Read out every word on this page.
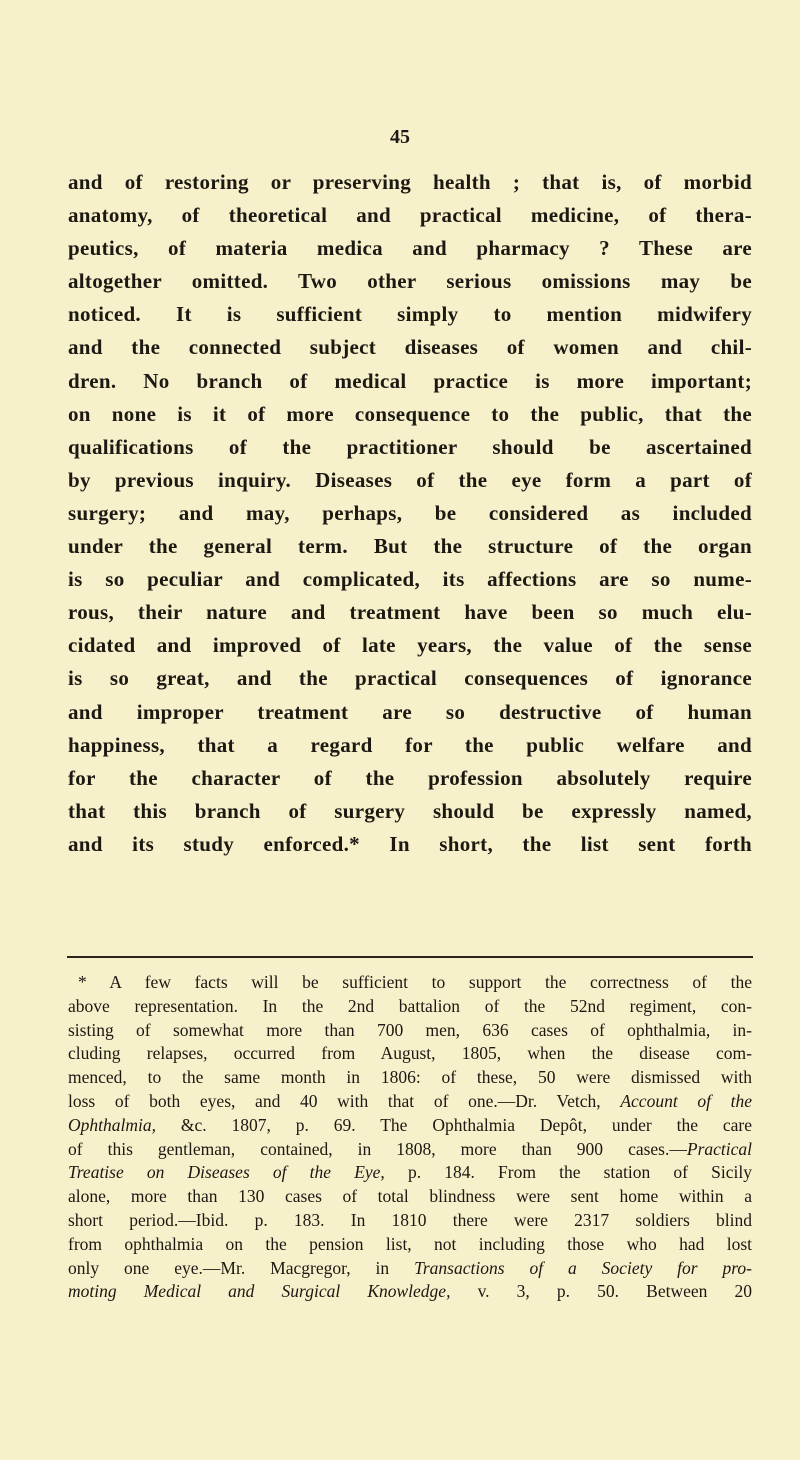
45
and of restoring or preserving health ; that is, of morbid
anatomy, of theoretical and practical medicine, of thera-
peutics, of materia medica and pharmacy ? These are
altogether omitted. Two other serious omissions may be
noticed. It is sufficient simply to mention midwifery
and the connected subject diseases of women and chil-
dren. No branch of medical practice is more important;
on none is it of more consequence to the public, that the
qualifications of the practitioner should be ascertained
by previous inquiry. Diseases of the eye form a part of
surgery; and may, perhaps, be considered as included
under the general term. But the structure of the organ
is so peculiar and complicated, its affections are so nume-
rous, their nature and treatment have been so much elu-
cidated and improved of late years, the value of the sense
is so great, and the practical consequences of ignorance
and improper treatment are so destructive of human
happiness, that a regard for the public welfare and
for the character of the profession absolutely require
that this branch of surgery should be expressly named,
and its study enforced.* In short, the list sent forth
* A few facts will be sufficient to support the correctness of the
above representation. In the 2nd battalion of the 52nd regiment, con-
sisting of somewhat more than 700 men, 636 cases of ophthalmia, in-
cluding relapses, occurred from August, 1805, when the disease com-
menced, to the same month in 1806: of these, 50 were dismissed with
loss of both eyes, and 40 with that of one.—Dr. Vetch, Account of the
Ophthalmia, &c. 1807, p. 69. The Ophthalmia Depôt, under the care
of this gentleman, contained, in 1808, more than 900 cases.—Practical
Treatise on Diseases of the Eye, p. 184. From the station of Sicily
alone, more than 130 cases of total blindness were sent home within a
short period.—Ibid. p. 183. In 1810 there were 2317 soldiers blind
from ophthalmia on the pension list, not including those who had lost
only one eye.—Mr. Macgregor, in Transactions of a Society for pro-
moting Medical and Surgical Knowledge, v. 3, p. 50. Between 20
